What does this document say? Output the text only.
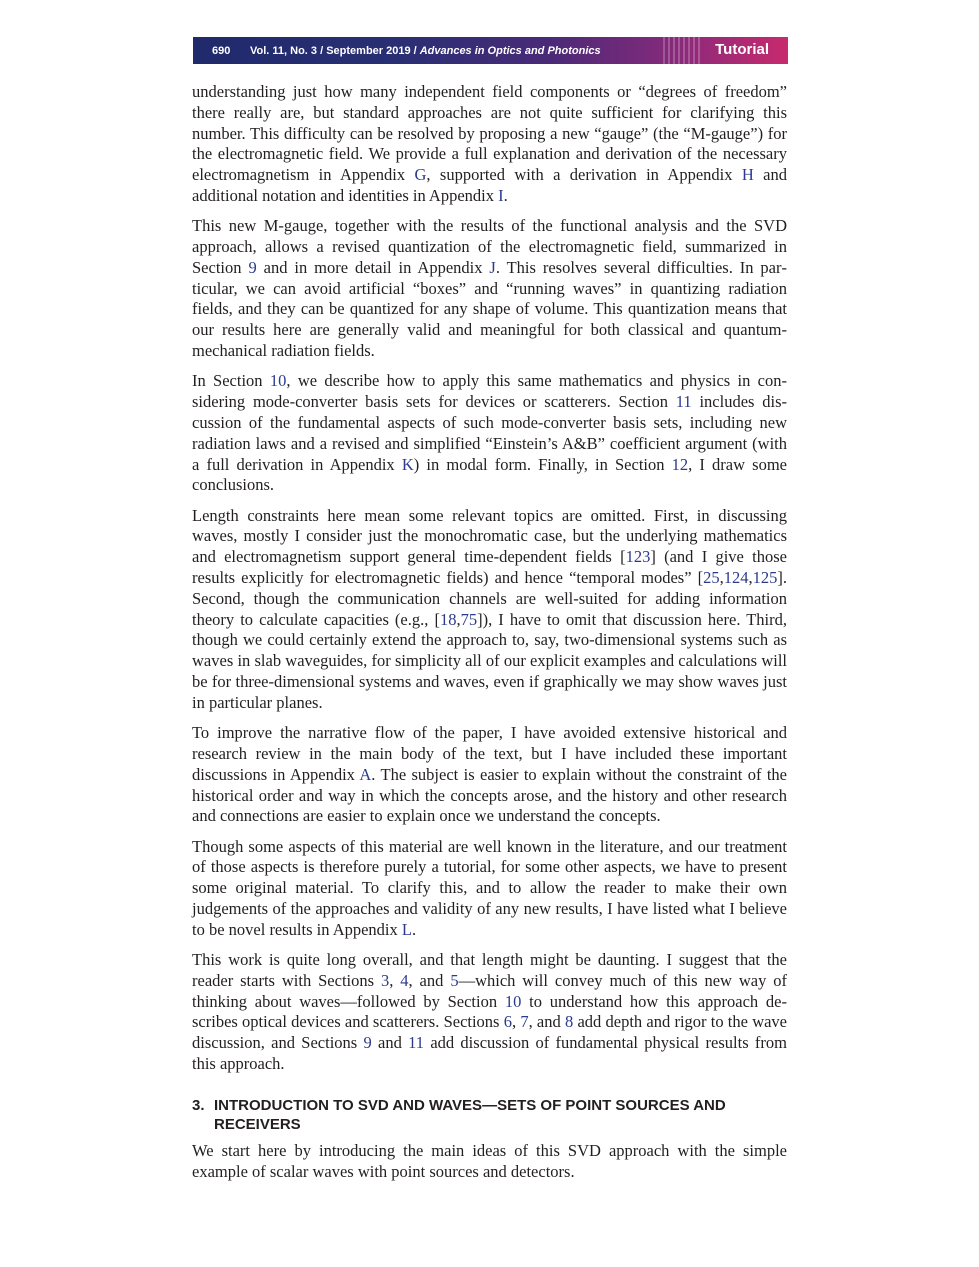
690	Vol. 11, No. 3 / September 2019 / Advances in Optics and Photonics	Tutorial

understanding just how many independent field components or “degrees of freedom” there really are, but standard approaches are not quite sufficient for clarifying this number. This difficulty can be resolved by proposing a new “gauge” (the “M-gauge”) for the electromagnetic field. We provide a full explanation and derivation of the necessary electromagnetism in Appendix G, supported with a derivation in Appendix H and additional notation and identities in Appendix I.

This new M-gauge, together with the results of the functional analysis and the SVD approach, allows a revised quantization of the electromagnetic field, summarized in Section 9 and in more detail in Appendix J. This resolves several difficulties. In particular, we can avoid artificial “boxes” and “running waves” in quantizing radiation fields, and they can be quantized for any shape of volume. This quantization means that our results here are generally valid and meaningful for both classical and quantum-mechanical radiation fields.

In Section 10, we describe how to apply this same mathematics and physics in considering mode-converter basis sets for devices or scatterers. Section 11 includes discussion of the fundamental aspects of such mode-converter basis sets, including new radiation laws and a revised and simplified “Einstein’s A&B” coefficient argument (with a full derivation in Appendix K) in modal form. Finally, in Section 12, I draw some conclusions.

Length constraints here mean some relevant topics are omitted. First, in discussing waves, mostly I consider just the monochromatic case, but the underlying mathematics and electromagnetism support general time-dependent fields [123] (and I give those results explicitly for electromagnetic fields) and hence “temporal modes” [25,124,125]. Second, though the communication channels are well-suited for adding information theory to calculate capacities (e.g., [18,75]), I have to omit that discussion here. Third, though we could certainly extend the approach to, say, two-dimensional systems such as waves in slab waveguides, for simplicity all of our explicit examples and calculations will be for three-dimensional systems and waves, even if graphically we may show waves just in particular planes.

To improve the narrative flow of the paper, I have avoided extensive historical and research review in the main body of the text, but I have included these important discussions in Appendix A. The subject is easier to explain without the constraint of the historical order and way in which the concepts arose, and the history and other research and connections are easier to explain once we understand the concepts.

Though some aspects of this material are well known in the literature, and our treatment of those aspects is therefore purely a tutorial, for some other aspects, we have to present some original material. To clarify this, and to allow the reader to make their own judgements of the approaches and validity of any new results, I have listed what I believe to be novel results in Appendix L.

This work is quite long overall, and that length might be daunting. I suggest that the reader starts with Sections 3, 4, and 5—which will convey much of this new way of thinking about waves—followed by Section 10 to understand how this approach describes optical devices and scatterers. Sections 6, 7, and 8 add depth and rigor to the wave discussion, and Sections 9 and 11 add discussion of fundamental physical results from this approach.

3. INTRODUCTION TO SVD AND WAVES—SETS OF POINT SOURCES AND RECEIVERS

We start here by introducing the main ideas of this SVD approach with the simple example of scalar waves with point sources and detectors.
